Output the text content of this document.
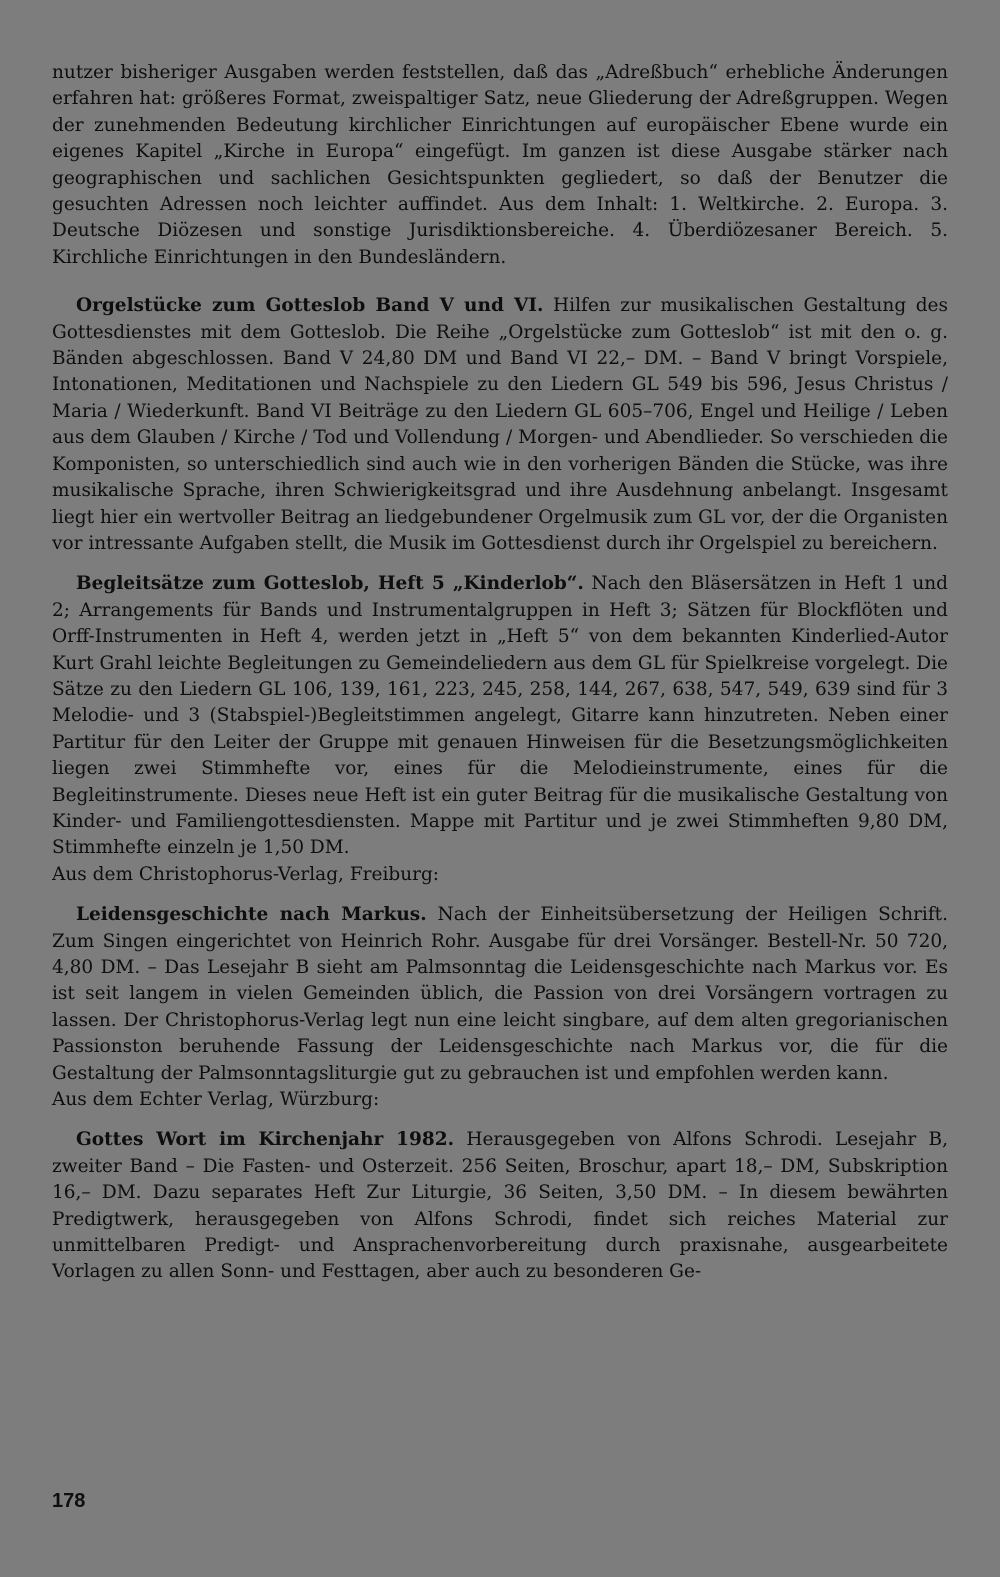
nutzer bisheriger Ausgaben werden feststellen, daß das „Adreßbuch“ erhebliche Änderungen erfahren hat: größeres Format, zweispaltiger Satz, neue Gliederung der Adreßgruppen. Wegen der zunehmenden Bedeutung kirchlicher Einrichtungen auf europäischer Ebene wurde ein eigenes Kapitel „Kirche in Europa“ eingefügt. Im ganzen ist diese Ausgabe stärker nach geographischen und sachlichen Gesichtspunkten gegliedert, so daß der Benutzer die gesuchten Adressen noch leichter auffindet. Aus dem Inhalt: 1. Weltkirche. 2. Europa. 3. Deutsche Diözesen und sonstige Jurisdiktionsbereiche. 4. Überdiözesaner Bereich. 5. Kirchliche Einrichtungen in den Bundesländern.

Orgelstücke zum Gotteslob Band V und VI. Hilfen zur musikalischen Gestaltung des Gottesdienstes mit dem Gotteslob. Die Reihe „Orgelstücke zum Gotteslob“ ist mit den o. g. Bänden abgeschlossen. Band V 24,80 DM und Band VI 22,– DM. – Band V bringt Vorspiele, Intonationen, Meditationen und Nachspiele zu den Liedern GL 549 bis 596, Jesus Christus / Maria / Wiederkunft. Band VI Beiträge zu den Liedern GL 605–706, Engel und Heilige / Leben aus dem Glauben / Kirche / Tod und Vollendung / Morgen- und Abendlieder. So verschieden die Komponisten, so unterschiedlich sind auch wie in den vorherigen Bänden die Stücke, was ihre musikalische Sprache, ihren Schwierigkeitsgrad und ihre Ausdehnung anbelangt. Insgesamt liegt hier ein wertvoller Beitrag an liedgebundener Orgelmusik zum GL vor, der die Organisten vor intressante Aufgaben stellt, die Musik im Gottesdienst durch ihr Orgelspiel zu bereichern.

Begleitsätze zum Gotteslob, Heft 5 „Kinderlob“. Nach den Bläsersätzen in Heft 1 und 2; Arrangements für Bands und Instrumentalgruppen in Heft 3; Sätzen für Blockflöten und Orff-Instrumenten in Heft 4, werden jetzt in „Heft 5“ von dem bekannten Kinderlied-Autor Kurt Grahl leichte Begleitungen zu Gemeindeliedern aus dem GL für Spielkreise vorgelegt. Die Sätze zu den Liedern GL 106, 139, 161, 223, 245, 258, 144, 267, 638, 547, 549, 639 sind für 3 Melodie- und 3 (Stabspiel-)Begleitstimmen angelegt, Gitarre kann hinzutreten. Neben einer Partitur für den Leiter der Gruppe mit genauen Hinweisen für die Besetzungsmöglichkeiten liegen zwei Stimmhefte vor, eines für die Melodieinstrumente, eines für die Begleitinstrumente. Dieses neue Heft ist ein guter Beitrag für die musikalische Gestaltung von Kinder- und Familiengottesdiensten. Mappe mit Partitur und je zwei Stimmheften 9,80 DM, Stimmhefte einzeln je 1,50 DM.

Aus dem Christophorus-Verlag, Freiburg:

Leidensgeschichte nach Markus. Nach der Einheitsübersetzung der Heiligen Schrift. Zum Singen eingerichtet von Heinrich Rohr. Ausgabe für drei Vorsänger. Bestell-Nr. 50 720, 4,80 DM. – Das Lesejahr B sieht am Palmsonntag die Leidensgeschichte nach Markus vor. Es ist seit langem in vielen Gemeinden üblich, die Passion von drei Vorsängern vortragen zu lassen. Der Christophorus-Verlag legt nun eine leicht singbare, auf dem alten gregorianischen Passionston beruhende Fassung der Leidensgeschichte nach Markus vor, die für die Gestaltung der Palmsonntagsliturgie gut zu gebrauchen ist und empfohlen werden kann.

Aus dem Echter Verlag, Würzburg:

Gottes Wort im Kirchenjahr 1982. Herausgegeben von Alfons Schrodi. Lesejahr B, zweiter Band – Die Fasten- und Osterzeit. 256 Seiten, Broschur, apart 18,– DM, Subskription 16,– DM. Dazu separates Heft Zur Liturgie, 36 Seiten, 3,50 DM. – In diesem bewährten Predigtwerk, herausgegeben von Alfons Schrodi, findet sich reiches Material zur unmittelbaren Predigt- und Ansprachenvorbereitung durch praxisnahe, ausgearbeitete Vorlagen zu allen Sonn- und Festtagen, aber auch zu besonderen Ge-

178
